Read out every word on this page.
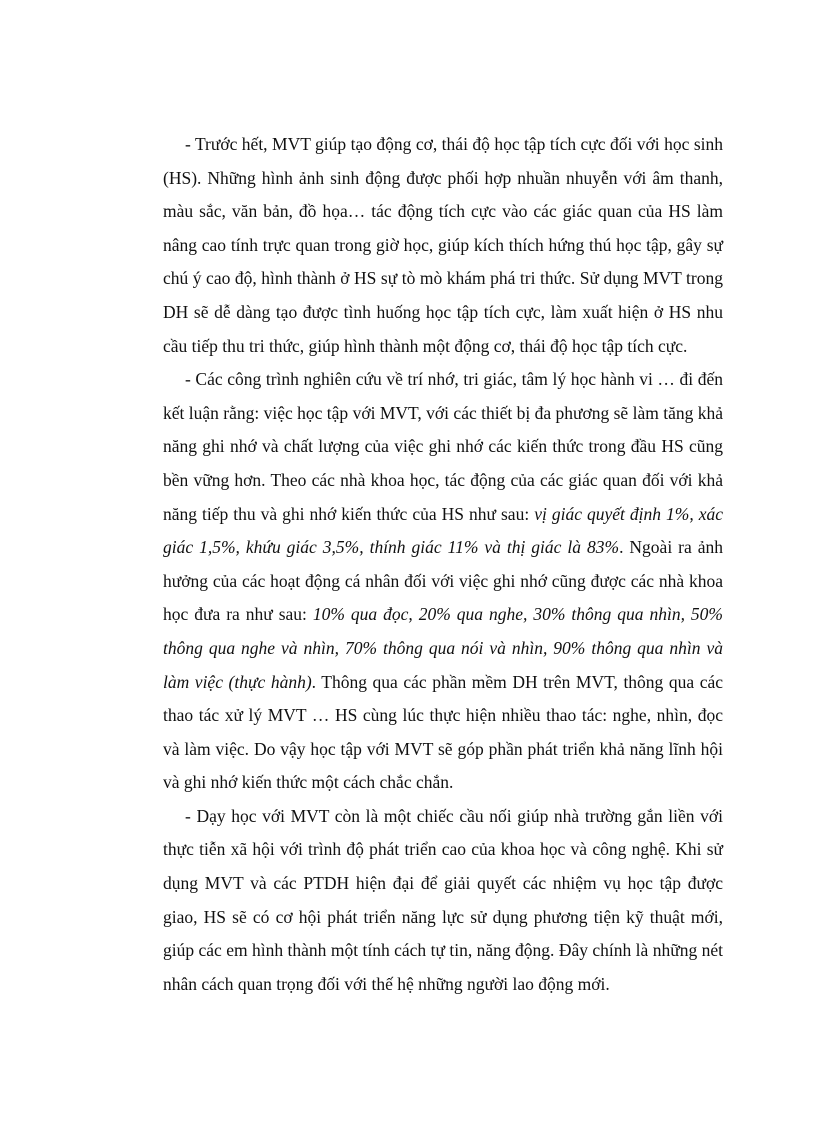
- Trước hết, MVT giúp tạo động cơ, thái độ học tập tích cực đối với học sinh (HS). Những hình ảnh sinh động được phối hợp nhuần nhuyễn với âm thanh, màu sắc, văn bản, đồ họa… tác động tích cực vào các giác quan của HS làm nâng cao tính trực quan trong giờ học, giúp kích thích hứng thú học tập, gây sự chú ý cao độ, hình thành ở HS sự tò mò khám phá tri thức. Sử dụng MVT trong DH sẽ dễ dàng tạo được tình huống học tập tích cực, làm xuất hiện ở HS nhu cầu tiếp thu tri thức, giúp hình thành một động cơ, thái độ học tập tích cực.

- Các công trình nghiên cứu về trí nhớ, tri giác, tâm lý học hành vi … đi đến kết luận rằng: việc học tập với MVT, với các thiết bị đa phương sẽ làm tăng khả năng ghi nhớ và chất lượng của việc ghi nhớ các kiến thức trong đầu HS cũng bền vững hơn. Theo các nhà khoa học, tác động của các giác quan đối với khả năng tiếp thu và ghi nhớ kiến thức của HS như sau: vị giác quyết định 1%, xác giác 1,5%, khứu giác 3,5%, thính giác 11% và thị giác là 83%. Ngoài ra ảnh hưởng của các hoạt động cá nhân đối với việc ghi nhớ cũng được các nhà khoa học đưa ra như sau: 10% qua đọc, 20% qua nghe, 30% thông qua nhìn, 50% thông qua nghe và nhìn, 70% thông qua nói và nhìn, 90% thông qua nhìn và làm việc (thực hành). Thông qua các phần mềm DH trên MVT, thông qua các thao tác xử lý MVT … HS cùng lúc thực hiện nhiều thao tác: nghe, nhìn, đọc và làm việc. Do vậy học tập với MVT sẽ góp phần phát triển khả năng lĩnh hội và ghi nhớ kiến thức một cách chắc chắn.

- Dạy học với MVT còn là một chiếc cầu nối giúp nhà trường gắn liền với thực tiễn xã hội với trình độ phát triển cao của khoa học và công nghệ. Khi sử dụng MVT và các PTDH hiện đại để giải quyết các nhiệm vụ học tập được giao, HS sẽ có cơ hội phát triển năng lực sử dụng phương tiện kỹ thuật mới, giúp các em hình thành một tính cách tự tin, năng động. Đây chính là những nét nhân cách quan trọng đối với thế hệ những người lao động mới.
